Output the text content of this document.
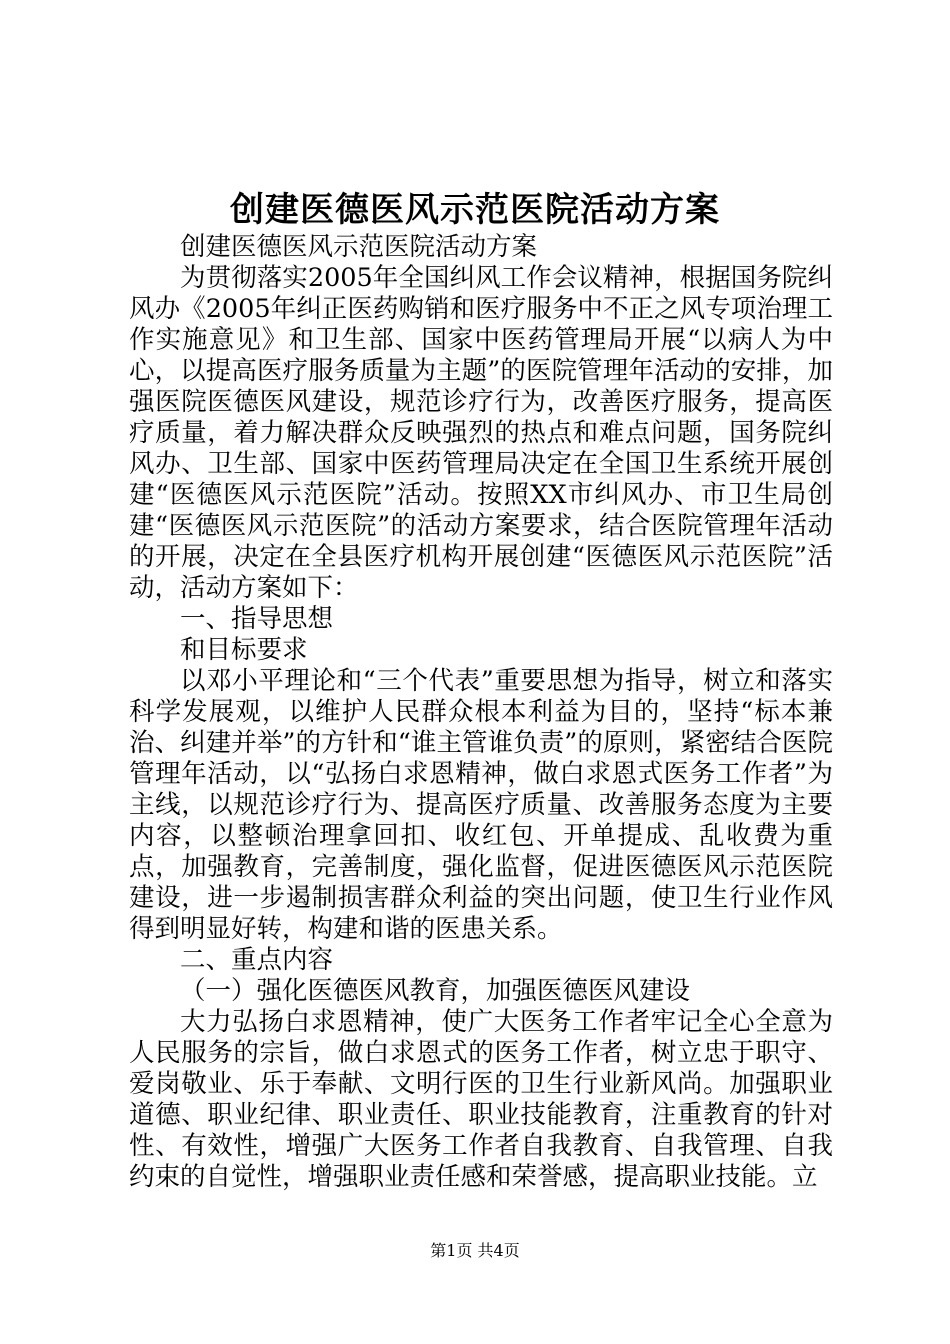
创建医德医风示范医院活动方案

创建医德医风示范医院活动方案

为贯彻落实2005年全国纠风工作会议精神，根据国务院纠风办《2005年纠正医药购销和医疗服务中不正之风专项治理工作实施意见》和卫生部、国家中医药管理局开展“以病人为中心，以提高医疗服务质量为主题”的医院管理年活动的安排，加强医院医德医风建设，规范诊疗行为，改善医疗服务，提高医疗质量，着力解决群众反映强烈的热点和难点问题，国务院纠风办、卫生部、国家中医药管理局决定在全国卫生系统开展创建“医德医风示范医院”活动。按照XX市纠风办、市卫生局创建“医德医风示范医院”的活动方案要求，结合医院管理年活动的开展，决定在全县医疗机构开展创建“医德医风示范医院”活动，活动方案如下：

一、指导思想

和目标要求

以邓小平理论和“三个代表”重要思想为指导，树立和落实科学发展观，以维护人民群众根本利益为目的，坚持“标本兼治、纠建并举”的方针和“谁主管谁负责”的原则，紧密结合医院管理年活动，以“弘扬白求恩精神，做白求恩式医务工作者”为主线，以规范诊疗行为、提高医疗质量、改善服务态度为主要内容，以整顿治理拿回扣、收红包、开单提成、乱收费为重点，加强教育，完善制度，强化监督，促进医德医风示范医院建设，进一步遏制损害群众利益的突出问题，使卫生行业作风得到明显好转，构建和谐的医患关系。

二、重点内容

（一）强化医德医风教育，加强医德医风建设

大力弘扬白求恩精神，使广大医务工作者牢记全心全意为人民服务的宗旨，做白求恩式的医务工作者，树立忠于职守、爱岗敬业、乐于奉献、文明行医的卫生行业新风尚。加强职业道德、职业纪律、职业责任、职业技能教育，注重教育的针对性、有效性，增强广大医务工作者自我教育、自我管理、自我约束的自觉性，增强职业责任感和荣誉感，提高职业技能。立

第1页 共4页
